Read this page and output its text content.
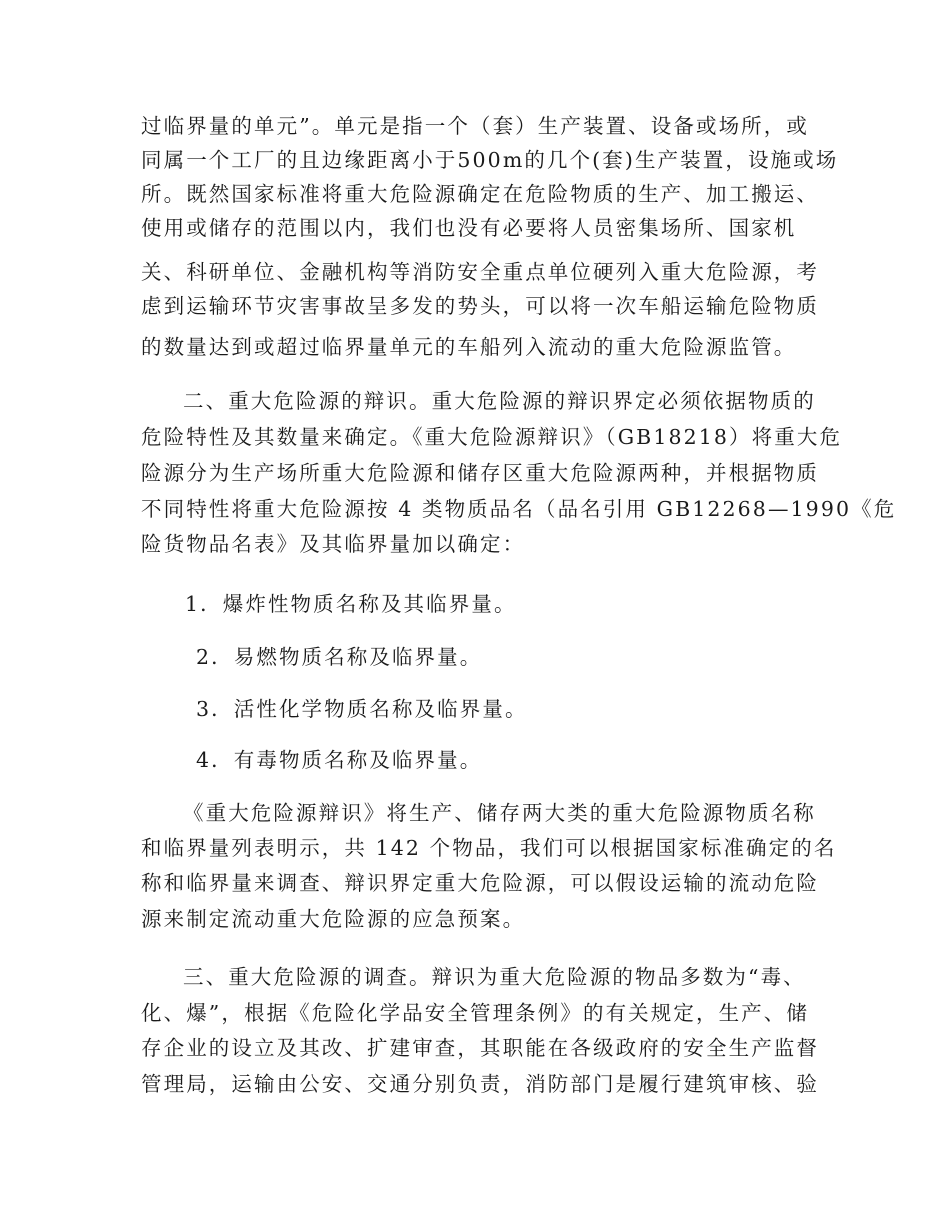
过临界量的单元”。单元是指一个（套）生产装置、设备或场所，或
同属一个工厂的且边缘距离小于500m的几个(套)生产装置，设施或场
所。既然国家标准将重大危险源确定在危险物质的生产、加工搬运、
使用或储存的范围以内，我们也没有必要将人员密集场所、国家机
关、科研单位、金融机构等消防安全重点单位硬列入重大危险源，考
虑到运输环节灾害事故呈多发的势头，可以将一次车船运输危险物质
的数量达到或超过临界量单元的车船列入流动的重大危险源监管。
二、重大危险源的辩识。重大危险源的辩识界定必须依据物质的
危险特性及其数量来确定。《重大危险源辩识》（GB18218）将重大危
险源分为生产场所重大危险源和储存区重大危险源两种，并根据物质
不同特性将重大危险源按 4 类物质品名（品名引用 GB12268—1990《危
险货物品名表》及其临界量加以确定：
1．爆炸性物质名称及其临界量。
2．易燃物质名称及临界量。
3．活性化学物质名称及临界量。
4．有毒物质名称及临界量。
《重大危险源辩识》将生产、储存两大类的重大危险源物质名称
和临界量列表明示，共 142 个物品，我们可以根据国家标准确定的名
称和临界量来调查、辩识界定重大危险源，可以假设运输的流动危险
源来制定流动重大危险源的应急预案。
三、重大危险源的调查。辩识为重大危险源的物品多数为“毒、
化、爆”，根据《危险化学品安全管理条例》的有关规定，生产、储
存企业的设立及其改、扩建审查，其职能在各级政府的安全生产监督
管理局，运输由公安、交通分别负责，消防部门是履行建筑审核、验
